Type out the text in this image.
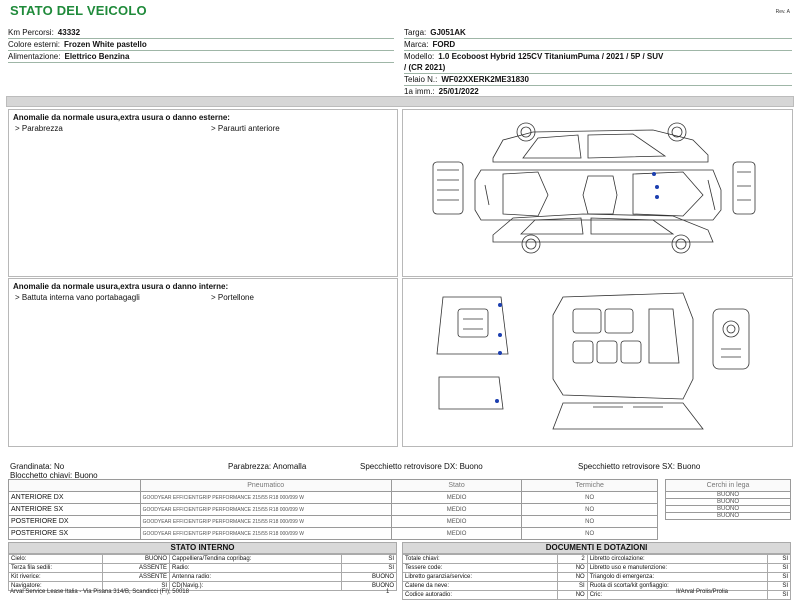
STATO DEL VEICOLO	Rev. A
Km Percorsi: 43332
Colore esterni: Frozen White pastello
Alimentazione: Elettrico Benzina
Targa: GJ051AK
Marca: FORD
Modello: 1.0 Ecoboost Hybrid 125CV TitaniumPuma / 2021 / 5P / SUV
/ (CR 2021)
Telaio N.: WF02XXERK2ME31830
1a imm.: 25/01/2022
Anomalie da normale usura,extra usura o danno esterne:
> Parabrezza	> Paraurti anteriore
Anomalie da normale usura,extra usura o danno interne:
> Battuta interna vano portabagagli	> Portellone
Grandinata: No	Parabrezza: Anomalla	Specchietto retrovisore DX: Buono	Specchietto retrovisore SX: Buono

Blocchetto chiavi: Buono
	Pneumatico	Stato	Termiche
ANTERIORE DX	GOODYEAR EFFICIENTGRIP PERFORMANCE 215/55 R18 000/099 W	MEDIO	NO
ANTERIORE SX	GOODYEAR EFFICIENTGRIP PERFORMANCE 215/55 R18 000/099 W	MEDIO	NO
POSTERIORE DX	GOODYEAR EFFICIENTGRIP PERFORMANCE 215/55 R18 000/099 W	MEDIO	NO
POSTERIORE SX	GOODYEAR EFFICIENTGRIP PERFORMANCE 215/55 R18 000/099 W	MEDIO	NO
Cerchi in lega
BUONO
BUONO
BUONO
BUONO
STATO INTERNO
Cielo:	BUONO	Cappelliera/Tendina copribag:	SI
Terza fila sedili:	ASSENTE	Radio:	SI
Kit riverice:	ASSENTE	Antenna radio:	BUONO
Navigatore:	SI	CD(Navig.):	BUONO
DOCUMENTI E DOTAZIONI
Totale chiavi:	2	Libretto circolazione:	SI
Tessere code:	NO	Libretto uso e manutenzione:	SI
Libretto garanzia/service:	NO	Triangolo di emergenza:	SI
Catene da neve:	SI	Ruota di scorta/kit gonfiaggio:	SI
Codice autoradio:	NO	Cric:	SI
Arval Service Lease Italia - Via Pisana 314/B, Scandicci (FI), 50018	1	Il/Arval Prolis/Prolia
